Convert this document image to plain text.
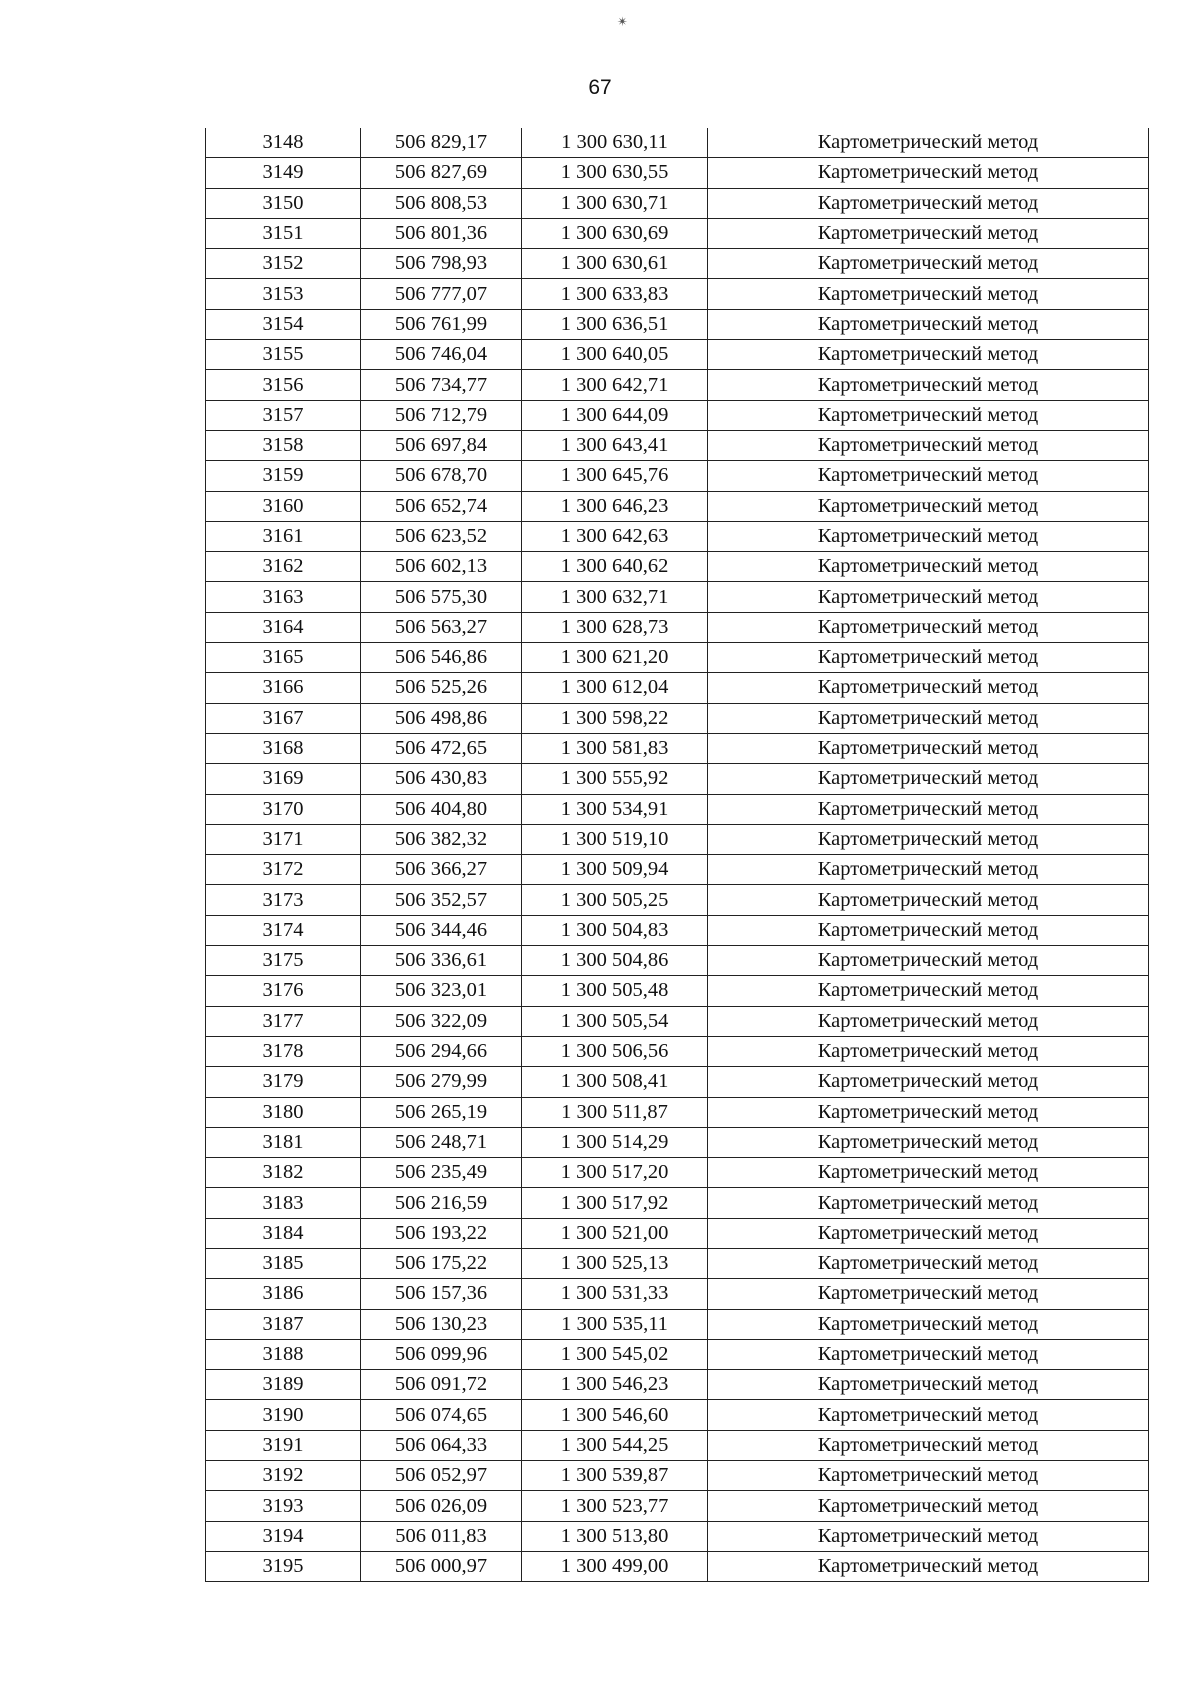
✴
67
3148	506 829,17	1 300 630,11	Картометрический метод
3149	506 827,69	1 300 630,55	Картометрический метод
3150	506 808,53	1 300 630,71	Картометрический метод
3151	506 801,36	1 300 630,69	Картометрический метод
3152	506 798,93	1 300 630,61	Картометрический метод
3153	506 777,07	1 300 633,83	Картометрический метод
3154	506 761,99	1 300 636,51	Картометрический метод
3155	506 746,04	1 300 640,05	Картометрический метод
3156	506 734,77	1 300 642,71	Картометрический метод
3157	506 712,79	1 300 644,09	Картометрический метод
3158	506 697,84	1 300 643,41	Картометрический метод
3159	506 678,70	1 300 645,76	Картометрический метод
3160	506 652,74	1 300 646,23	Картометрический метод
3161	506 623,52	1 300 642,63	Картометрический метод
3162	506 602,13	1 300 640,62	Картометрический метод
3163	506 575,30	1 300 632,71	Картометрический метод
3164	506 563,27	1 300 628,73	Картометрический метод
3165	506 546,86	1 300 621,20	Картометрический метод
3166	506 525,26	1 300 612,04	Картометрический метод
3167	506 498,86	1 300 598,22	Картометрический метод
3168	506 472,65	1 300 581,83	Картометрический метод
3169	506 430,83	1 300 555,92	Картометрический метод
3170	506 404,80	1 300 534,91	Картометрический метод
3171	506 382,32	1 300 519,10	Картометрический метод
3172	506 366,27	1 300 509,94	Картометрический метод
3173	506 352,57	1 300 505,25	Картометрический метод
3174	506 344,46	1 300 504,83	Картометрический метод
3175	506 336,61	1 300 504,86	Картометрический метод
3176	506 323,01	1 300 505,48	Картометрический метод
3177	506 322,09	1 300 505,54	Картометрический метод
3178	506 294,66	1 300 506,56	Картометрический метод
3179	506 279,99	1 300 508,41	Картометрический метод
3180	506 265,19	1 300 511,87	Картометрический метод
3181	506 248,71	1 300 514,29	Картометрический метод
3182	506 235,49	1 300 517,20	Картометрический метод
3183	506 216,59	1 300 517,92	Картометрический метод
3184	506 193,22	1 300 521,00	Картометрический метод
3185	506 175,22	1 300 525,13	Картометрический метод
3186	506 157,36	1 300 531,33	Картометрический метод
3187	506 130,23	1 300 535,11	Картометрический метод
3188	506 099,96	1 300 545,02	Картометрический метод
3189	506 091,72	1 300 546,23	Картометрический метод
3190	506 074,65	1 300 546,60	Картометрический метод
3191	506 064,33	1 300 544,25	Картометрический метод
3192	506 052,97	1 300 539,87	Картометрический метод
3193	506 026,09	1 300 523,77	Картометрический метод
3194	506 011,83	1 300 513,80	Картометрический метод
3195	506 000,97	1 300 499,00	Картометрический метод
